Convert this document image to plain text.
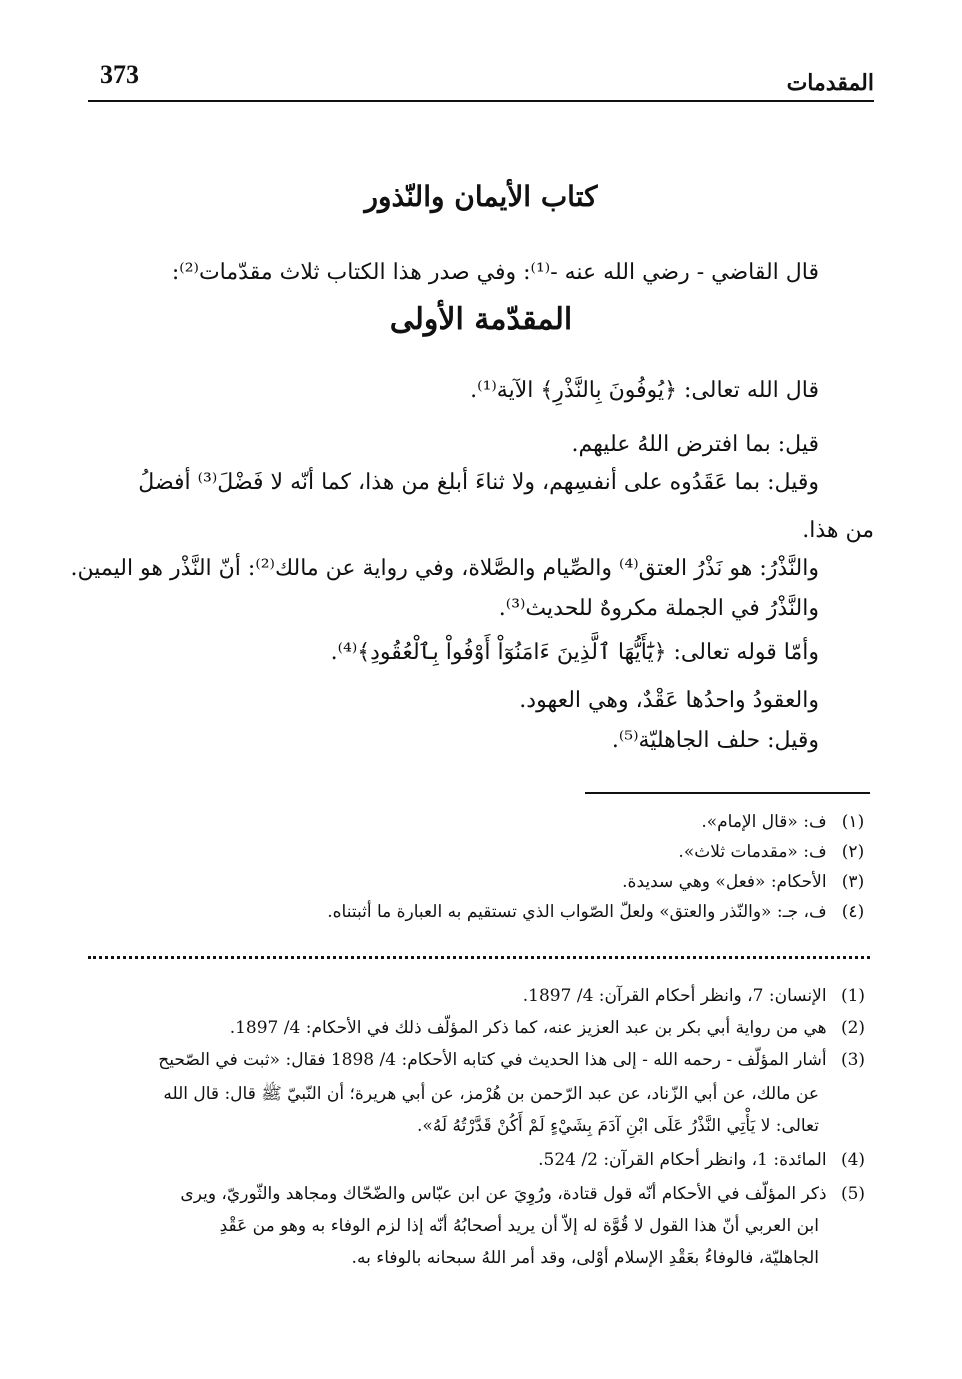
373	المقدمات
كتاب الأيمان والنّذور
قال القاضي - رضي الله عنه -⁽¹⁾: وفي صدر هذا الكتاب ثلاث مقدّمات⁽²⁾:
المقدّمة الأولى
قال الله تعالى: ﴿يُوفُونَ بِالنَّذْرِ﴾ الآية⁽¹⁾.
قيل: بما افترض اللهُ عليهم.
وقيل: بما عَقَدُوه على أنفسِهم، ولا ثناءَ أبلغ من هذا، كما أنّه لا فَضْلَ⁽³⁾ أفضلُ
من هذا.
والنَّذْرُ: هو نَذْرُ العتق⁽⁴⁾ والصِّيام والصَّلاة، وفي رواية عن مالك⁽²⁾: أنّ النَّذْر هو اليمين.
والنَّذْرُ في الجملة مكروهٌ للحديث⁽³⁾.
وأمّا قوله تعالى: ﴿يَٰٓأَيُّهَا ٱلَّذِينَ ءَامَنُوٓاْ أَوْفُواْ بِٱلْعُقُودِ﴾⁽⁴⁾.
والعقودُ واحدُها عَقْدٌ، وهي العهود.
وقيل: حلف الجاهليّة⁽⁵⁾.
(١) ف: «قال الإمام».
(٢) ف: «مقدمات ثلاث».
(٣) الأحكام: «فعل» وهي سديدة.
(٤) ف، جـ: «والنّذر والعتق» ولعلّ الصّواب الذي تستقيم به العبارة ما أثبتناه.
(1) الإنسان: 7، وانظر أحكام القرآن: 4/ 1897.
(2) هي من رواية أبي بكر بن عبد العزيز عنه، كما ذكر المؤلّف ذلك في الأحكام: 4/ 1897.
(3) أشار المؤلّف - رحمه الله - إلى هذا الحديث في كتابه الأحكام: 4/ 1898 فقال: «ثبت في الصّحيح
عن مالك، عن أبي الزّناد، عن عبد الرّحمن بن هُرْمز، عن أبي هريرة؛ أن النّبيّ ﷺ قال: قال الله
تعالى: لا يَأْتِي النَّذْرُ عَلَى ابْنِ آدَمَ بِشَيْءٍ لَمْ أَكُنْ قَدَّرْتُهُ لَهُ».
(4) المائدة: 1، وانظر أحكام القرآن: 2/ 524.
(5) ذكر المؤلّف في الأحكام أنّه قول قتادة، ورُوِيَ عن ابن عبّاس والضّحّاك ومجاهد والثّوريّ، ويرى
ابن العربي أنّ هذا القول لا قُوَّة له إلاّ أن يريد أصحابُهُ أنّه إذا لزم الوفاء به وهو من عَقْدِ
الجاهليّة، فالوفاءُ بعَقْدِ الإسلام أوْلى، وقد أمر اللهُ سبحانه بالوفاء به.
